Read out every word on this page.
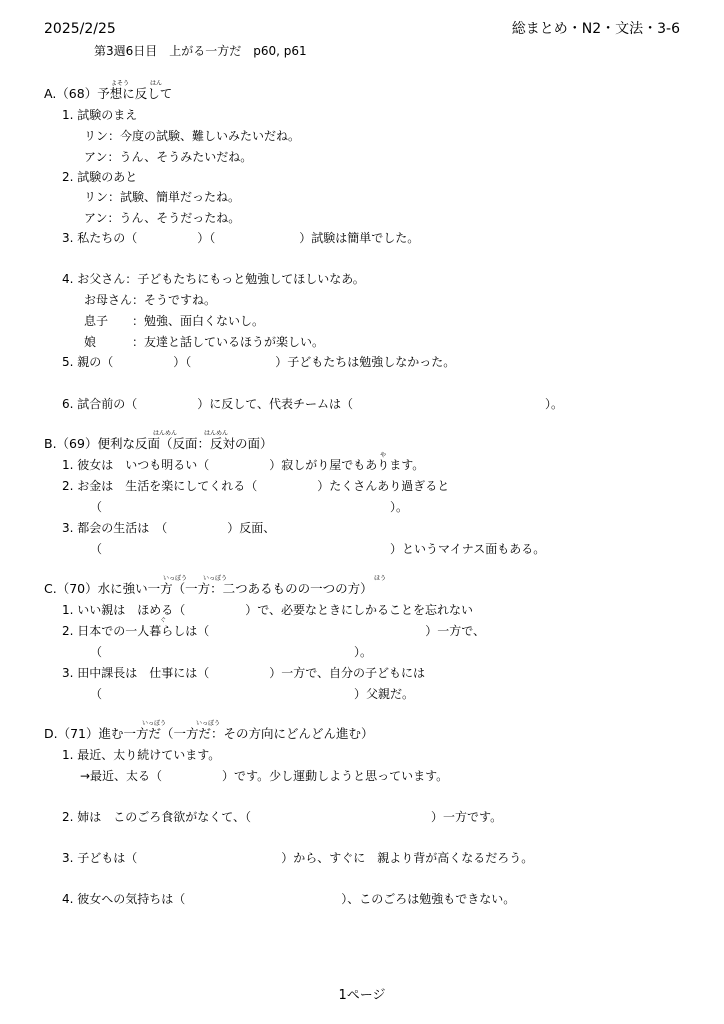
2025/2/25	総まとめ・N2・文法・3-6
第3週6日目　上がる一方だ　p60, p61
よそう	はん
A.（68）予想に反して
1. 試験のまえ
リン：今度の試験、難しいみたいだね。
アン：うん、そうみたいだね。
2. 試験のあと
リン：試験、簡単だったね。
アン：うん、そうだったね。
3. 私たちの（　　　　　）（　　　　　　　）試験は簡単でした。
4. お父さん：子どもたちにもっと勉強してほしいなあ。
お母さん：そうですね。
息子　　：勉強、面白くないし。
娘　　　：友達と話しているほうが楽しい。
5. 親の（　　　　　）（　　　　　　　）子どもたちは勉強しなかった。
6. 試合前の（　　　　　）に反して、代表チームは（　　　　　　　　　　　　　　　　）。
はんめん	はんめん
や
B.（69）便利な反面（反面：反対の面）
1. 彼女は　いつも明るい（　　　　　）寂しがり屋でもあります。
2. お金は　生活を楽にしてくれる（　　　　　）たくさんあり過ぎると
（　　　　　　　　　　　　　　　　　　　　　　　　）。
3. 都会の生活は　（　　　　　）反面、
（　　　　　　　　　　　　　　　　　　　　　　　　）というマイナス面もある。
いっぽう	いっぽう	ほう
ぐ
C.（70）水に強い一方（一方：二つあるものの一つの方）
1. いい親は　ほめる（　　　　　）で、必要なときにしかることを忘れない
2. 日本での一人暮らしは（　　　　　　　　　　　　　　　　　　）一方で、
（　　　　　　　　　　　　　　　　　　　　　）。
3. 田中課長は　仕事には（　　　　　）一方で、自分の子どもには
（　　　　　　　　　　　　　　　　　　　　　）父親だ。
いっぽう	いっぽう
D.（71）進む一方だ（一方だ：その方向にどんどん進む）
1. 最近、太り続けています。
→最近、太る（　　　　　）です。少し運動しようと思っています。
2. 姉は　このごろ食欲がなくて、（　　　　　　　　　　　　　　　）一方です。
3. 子どもは（　　　　　　　　　　　　）から、すぐに　親より背が高くなるだろう。
4. 彼女への気持ちは（　　　　　　　　　　　　　）、このごろは勉強もできない。
1ページ
